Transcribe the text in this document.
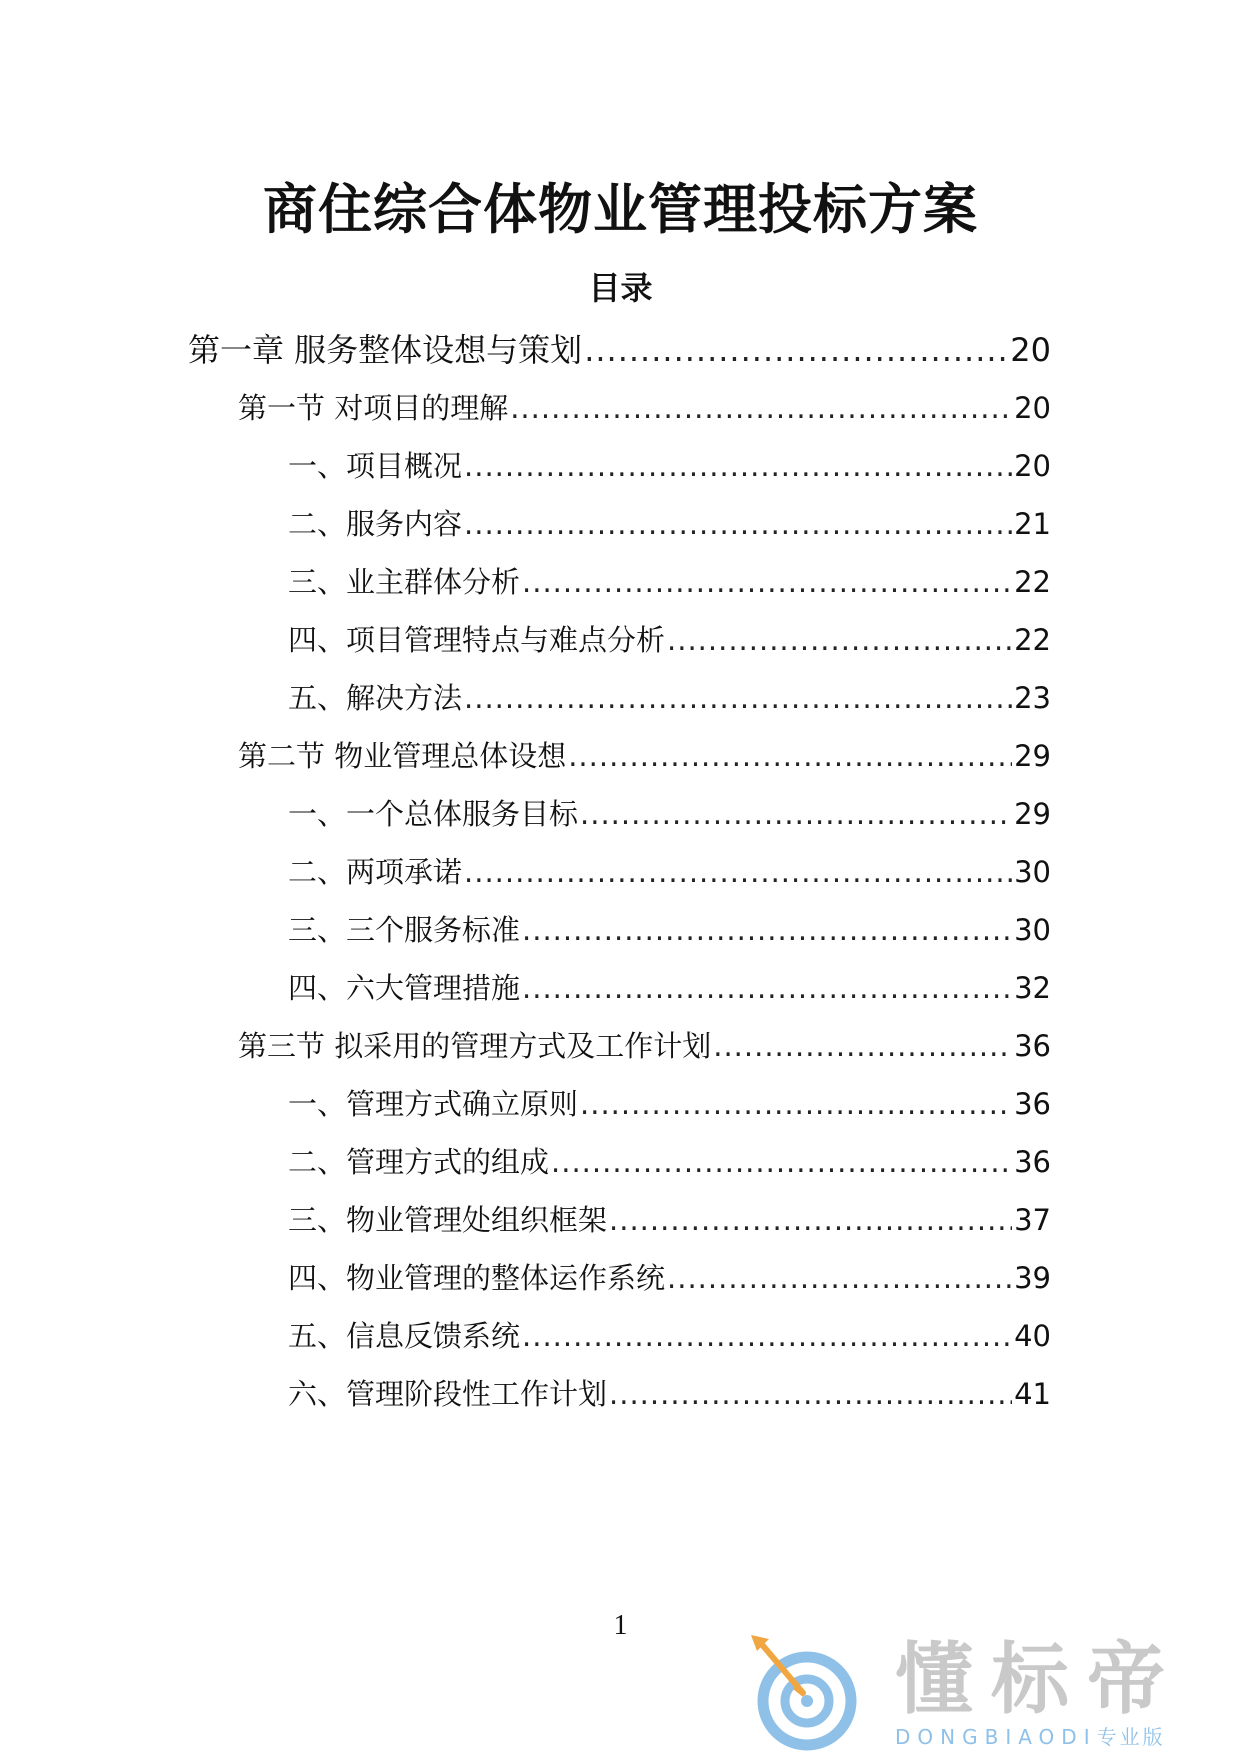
商住综合体物业管理投标方案
目录
第一章 服务整体设想与策划 .....	20
第一节 对项目的理解 .....	20
一、项目概况 .....	20
二、服务内容 .....	21
三、业主群体分析 .....	22
四、项目管理特点与难点分析 .....	22
五、解决方法 .....	23
第二节 物业管理总体设想 .....	29
一、一个总体服务目标 .....	29
二、两项承诺 .....	30
三、三个服务标准 .....	30
四、六大管理措施 .....	32
第三节 拟采用的管理方式及工作计划 .....	36
一、管理方式确立原则 .....	36
二、管理方式的组成 .....	36
三、物业管理处组织框架 .....	37
四、物业管理的整体运作系统 .....	39
五、信息反馈系统 .....	40
六、管理阶段性工作计划 .....	41
1
懂标帝
DONGBIAODI专业版
